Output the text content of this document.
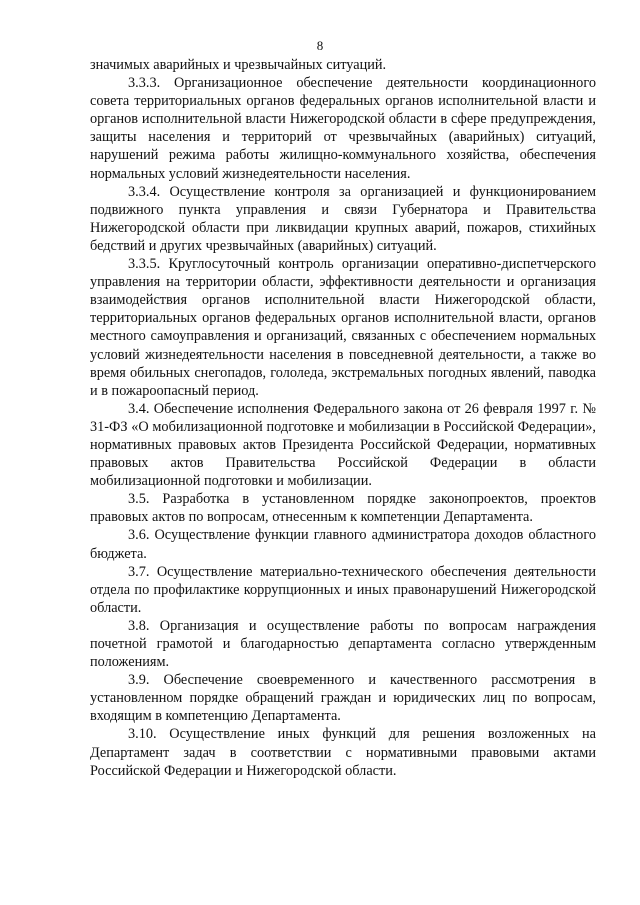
8

значимых аварийных и чрезвычайных ситуаций.

3.3.3. Организационное обеспечение деятельности координационного совета территориальных органов федеральных органов исполнительной власти и органов исполнительной власти Нижегородской области в сфере предупреждения, защиты населения и территорий от чрезвычайных (аварийных) ситуаций, нарушений режима работы жилищно-коммунального хозяйства, обеспечения нормальных условий жизнедеятельности населения.

3.3.4. Осуществление контроля за организацией и функционированием подвижного пункта управления и связи Губернатора и Правительства Нижегородской области при ликвидации крупных аварий, пожаров, стихийных бедствий и других чрезвычайных (аварийных) ситуаций.

3.3.5. Круглосуточный контроль организации оперативно-диспетчерского управления на территории области, эффективности деятельности и организация взаимодействия органов исполнительной власти Нижегородской области, территориальных органов федеральных органов исполнительной власти, органов местного самоуправления и организаций, связанных с обеспечением нормальных условий жизнедеятельности населения в повседневной деятельности, а также во время обильных снегопадов, гололеда, экстремальных погодных явлений, паводка и в пожароопасный период.

3.4. Обеспечение исполнения Федерального закона от 26 февраля 1997 г. № 31-ФЗ «О мобилизационной подготовке и мобилизации в Российской Федерации», нормативных правовых актов Президента Российской Федерации, нормативных правовых актов Правительства Российской Федерации в области мобилизационной подготовки и мобилизации.

3.5. Разработка в установленном порядке законопроектов, проектов правовых актов по вопросам, отнесенным к компетенции Департамента.

3.6. Осуществление функции главного администратора доходов областного бюджета.

3.7. Осуществление материально-технического обеспечения деятельности отдела по профилактике коррупционных и иных правонарушений Нижегородской области.

3.8. Организация и осуществление работы по вопросам награждения почетной грамотой и благодарностью департамента согласно утвержденным положениям.

3.9. Обеспечение своевременного и качественного рассмотрения в установленном порядке обращений граждан и юридических лиц по вопросам, входящим в компетенцию Департамента.

3.10. Осуществление иных функций для решения возложенных на Департамент задач в соответствии с нормативными правовыми актами Российской Федерации и Нижегородской области.
